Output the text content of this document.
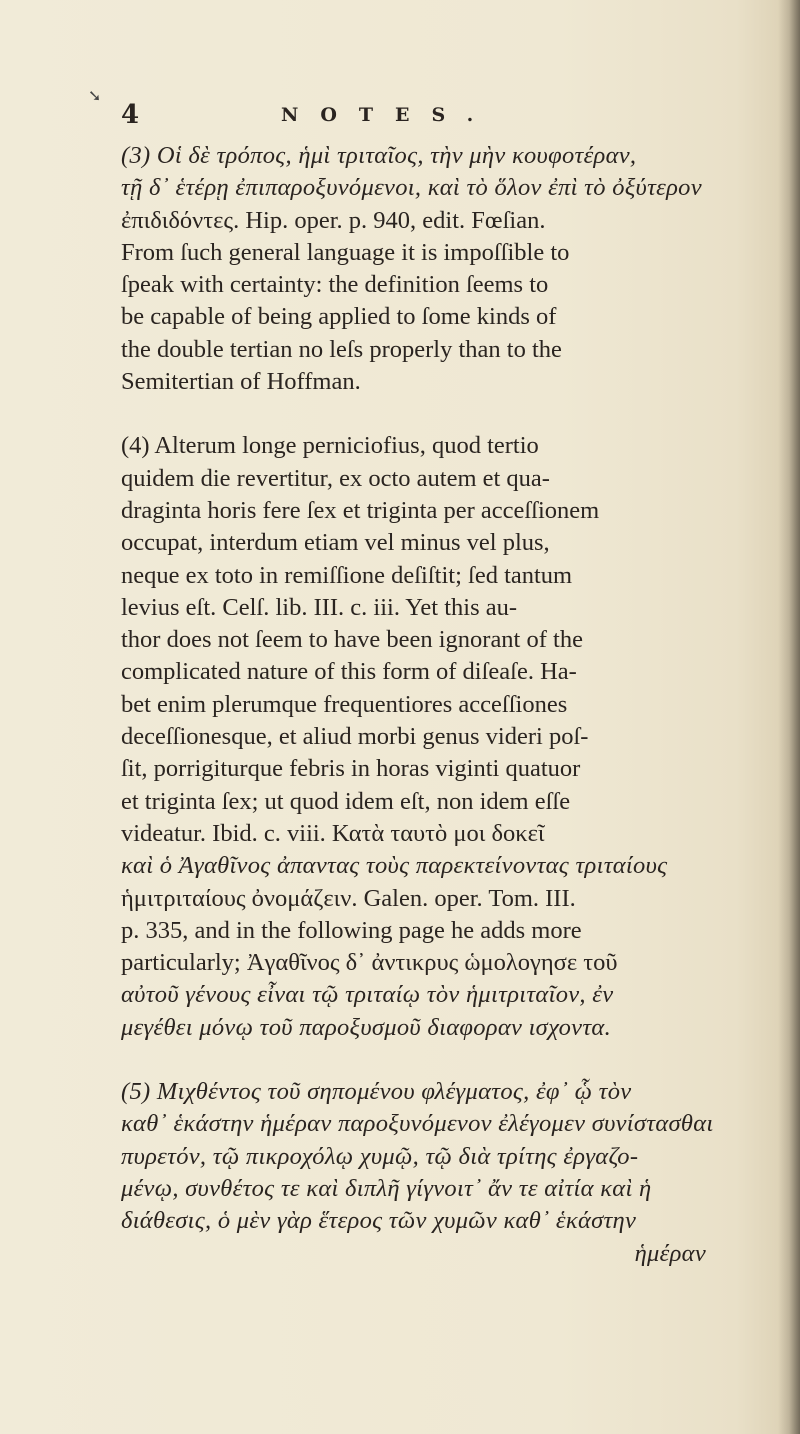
➘
4	NOTES.

(3) Οἱ δὲ τρόπος, ἡμὶ τριταῖος, τὴν μὴν κουφοτέραν,
τῇ δ᾽ ἑτέρῃ ἐπιπαροξυνόμενοι, καὶ τὸ ὅλον ἐπὶ τὸ ὀξύτερον
ἐπιδιδόντες. Hip. oper. p. 940, edit. Fœſian.
From ſuch general language it is impoſſible to
ſpeak with certainty: the definition ſeems to
be capable of being applied to ſome kinds of
the double tertian no leſs properly than to the
Semitertian of Hoffman.

(4) Alterum longe perniciofius, quod tertio
quidem die revertitur, ex octo autem et qua-
draginta horis fere ſex et triginta per acceſſionem
occupat, interdum etiam vel minus vel plus,
neque ex toto in remiſſione deſiſtit; ſed tantum
levius eſt. Celſ. lib. III. c. iii. Yet this au-
thor does not ſeem to have been ignorant of the
complicated nature of this form of diſeaſe. Ha-
bet enim plerumque frequentiores acceſſiones
deceſſionesque, et aliud morbi genus videri poſ-
ſit, porrigiturque febris in horas viginti quatuor
et triginta ſex; ut quod idem eſt, non idem eſſe
videatur. Ibid. c. viii. Κατὰ ταυτὸ μοι δοκεῖ
καὶ ὁ Ἀγαθῖνος ἀπαντας τοὺς παρεκτείνοντας τριταίους
ἡμιτριταίους ὀνομάζειν. Galen. oper. Tom. III.
p. 335, and in the following page he adds more
particularly; Ἀγαθῖνος δ᾽ ἀντικρυς ὡμολογησε τοῦ
αὐτοῦ γένους εἶναι τῷ τριταίῳ τὸν ἡμιτριταῖον, ἐν
μεγέθει μόνῳ τοῦ παροξυσμοῦ διαφοραν ισχοντα.

(5) Μιχθέντος τοῦ σηπομένου φλέγματος, ἐφ᾽ ᾧ τὸν
καθ᾽ ἑκάστην ἡμέραν παροξυνόμενον ἐλέγομεν συνίστασθαι
πυρετόν, τῷ πικροχόλῳ χυμῷ, τῷ διὰ τρίτης ἐργαζο-
μένῳ, συνθέτος τε καὶ διπλῆ γίγνοιτ᾽ ἄν τε αἰτία καὶ ἡ
διάθεσις, ὁ μὲν γὰρ ἕτερος τῶν χυμῶν καθ᾽ ἑκάστην
ἡμέραν
